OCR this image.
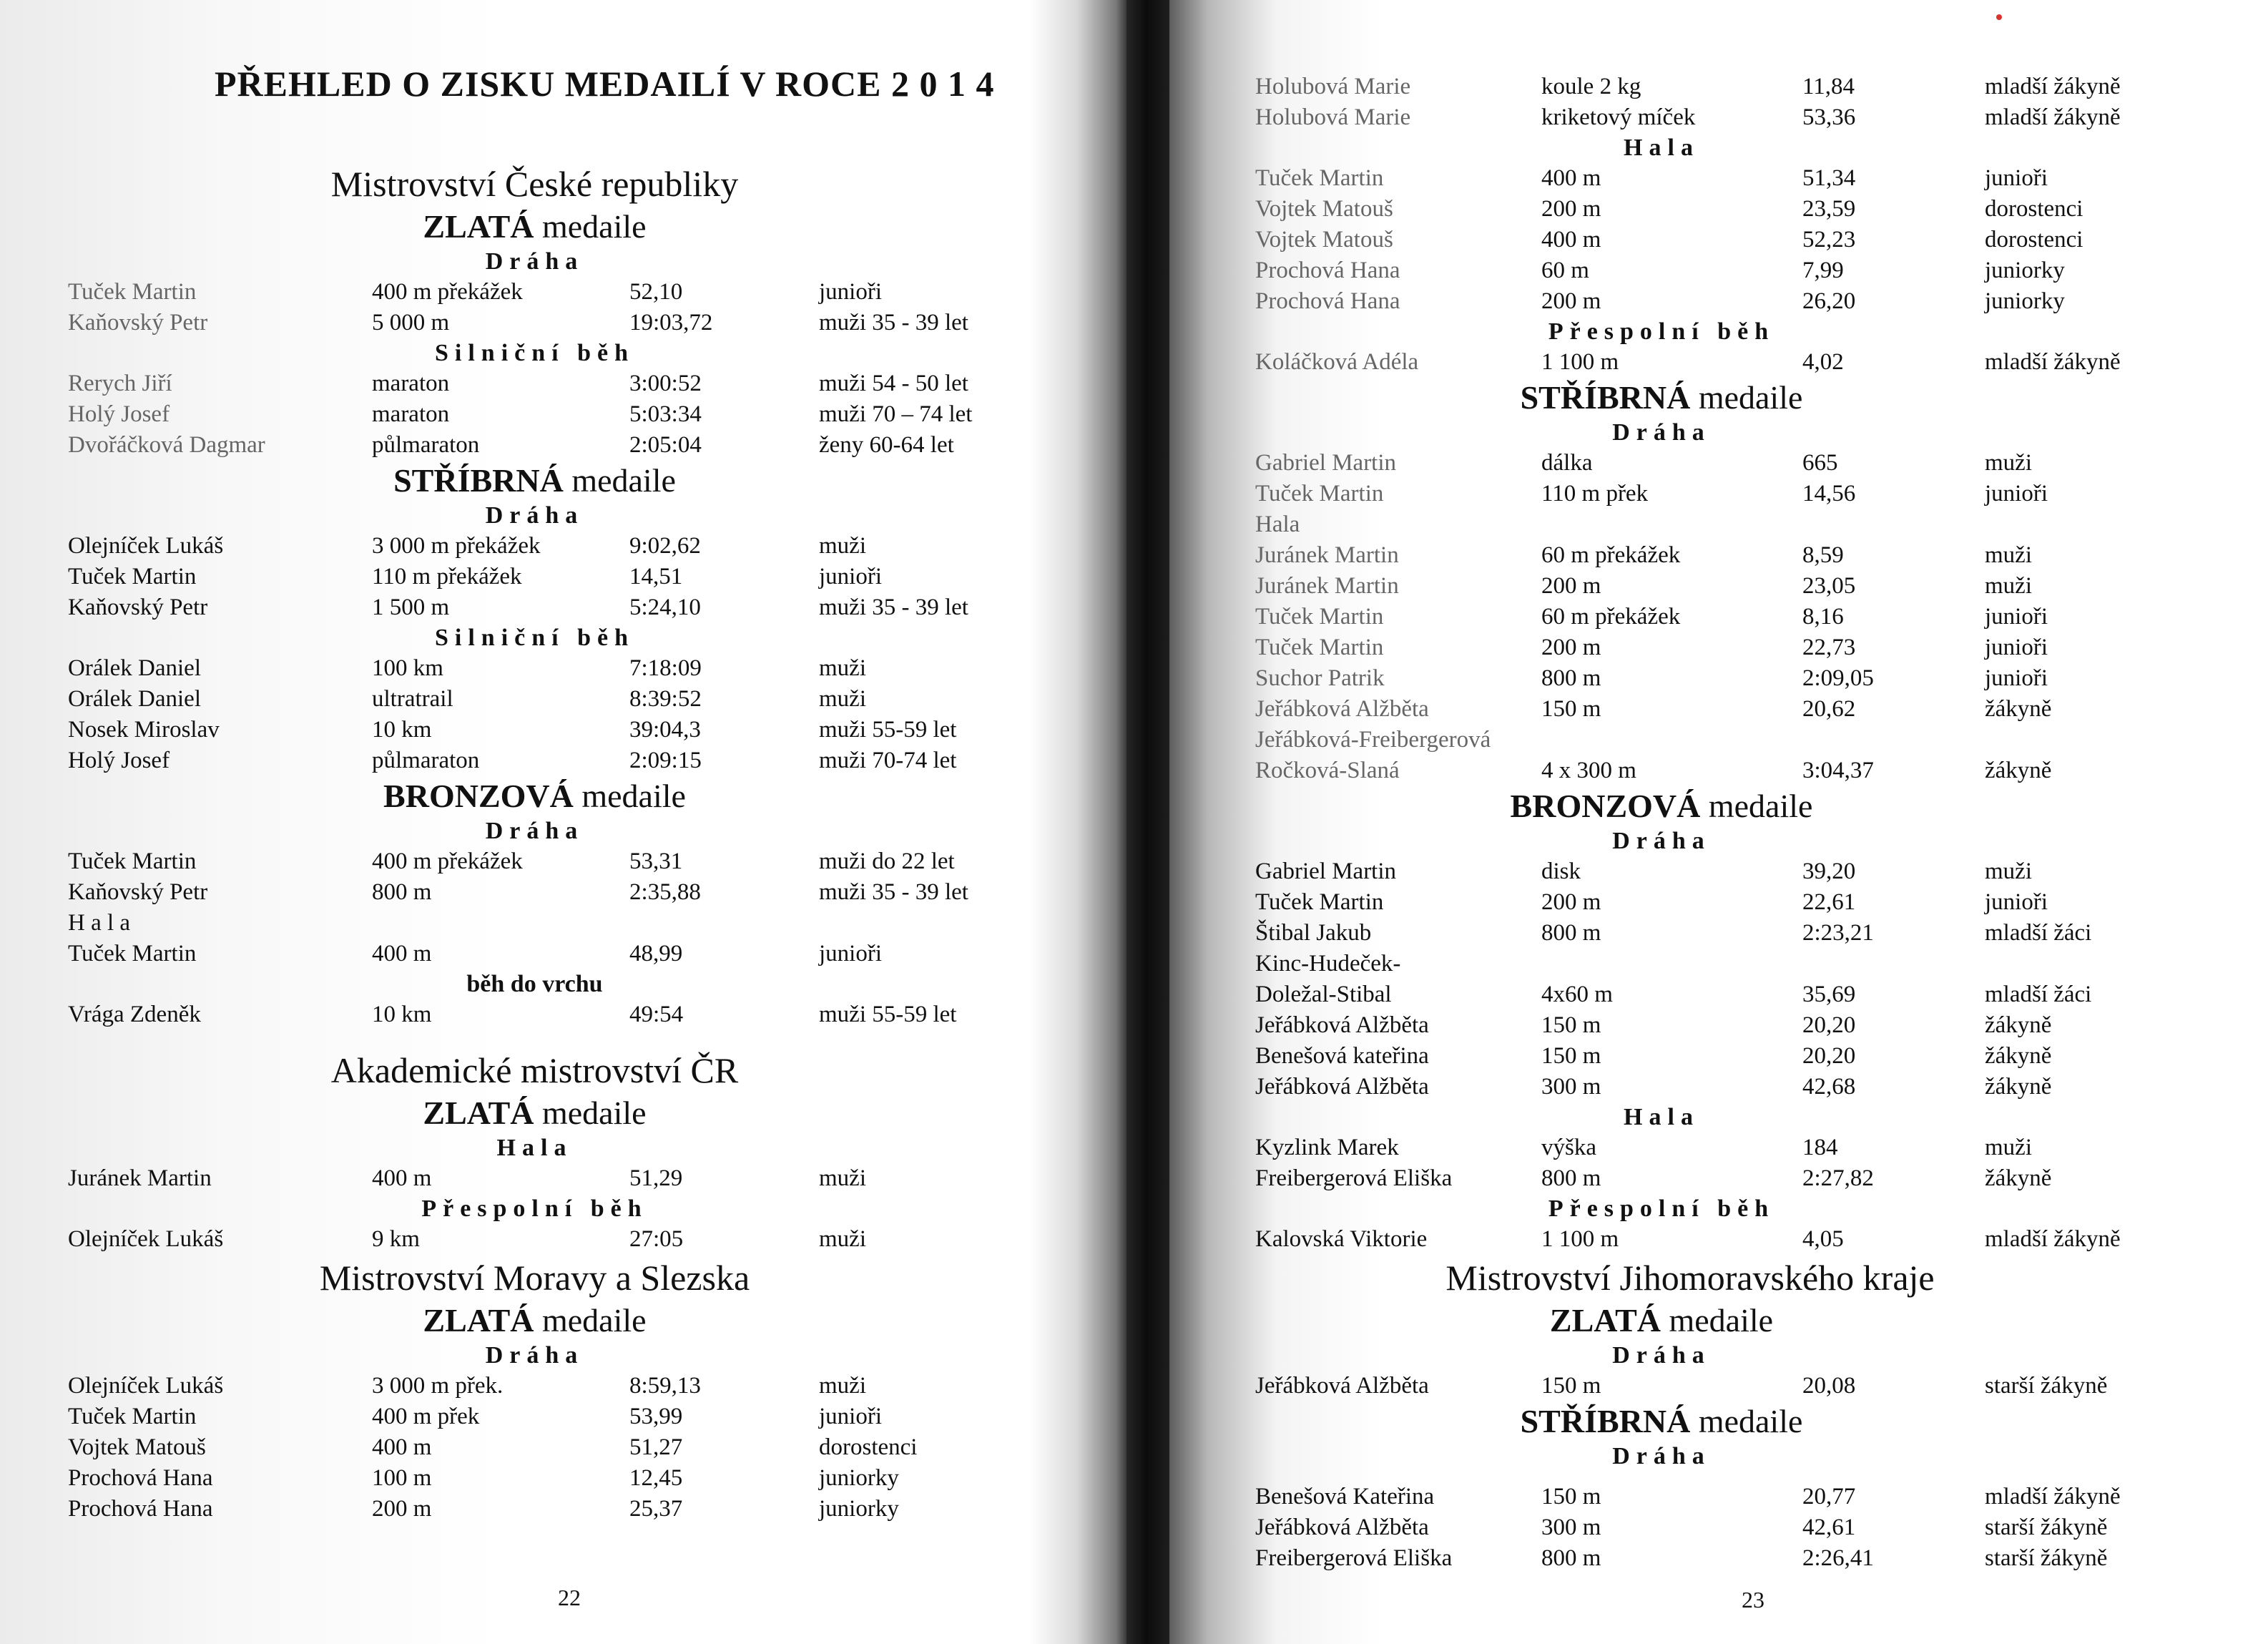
PŘEHLED O ZISKU MEDAILÍ V ROCE 2 0 1 4
Mistrovství České republiky
ZLATÁ medaile
Dráha
Tuček Martin	400 m překážek	52,10	junioři
Kaňovský Petr	5 000 m	19:03,72	muži 35 - 39 let
Silniční běh
Rerych Jiří	maraton	3:00:52	muži 54 - 50 let
Holý Josef	maraton	5:03:34	muži 70 – 74 let
Dvořáčková Dagmar	půlmaraton	2:05:04	ženy 60-64 let
STŘÍBRNÁ medaile
Dráha
Olejníček Lukáš	3 000 m překážek	9:02,62	muži
Tuček Martin	110 m překážek	14,51	junioři
Kaňovský Petr	1 500 m	5:24,10	muži 35 - 39 let
Silniční běh
Orálek Daniel	100 km	7:18:09	muži
Orálek Daniel	ultratrail	8:39:52	muži
Nosek Miroslav	10 km	39:04,3	muži 55-59 let
Holý Josef	půlmaraton	2:09:15	muži 70-74 let
BRONZOVÁ medaile
Dráha
Tuček Martin	400 m překážek	53,31	muži do 22 let
Kaňovský Petr	800 m	2:35,88	muži 35 - 39 let
H a l a
Tuček Martin	400 m	48,99	junioři
běh do vrchu
Vrága Zdeněk	10 km	49:54	muži 55-59 let
Akademické mistrovství ČR
ZLATÁ medaile
Hala
Juránek Martin	400 m	51,29	muži
Přespolní běh
Olejníček Lukáš	9 km	27:05	muži
Mistrovství Moravy a Slezska
ZLATÁ medaile
Dráha
Olejníček Lukáš	3 000 m přek.	8:59,13	muži
Tuček Martin	400 m přek	53,99	junioři
Vojtek Matouš	400 m	51,27	dorostenci
Prochová Hana	100 m	12,45	juniorky
Prochová Hana	200 m	25,37	juniorky
22
Holubová Marie	koule 2 kg	11,84	mladší žákyně
Holubová Marie	kriketový míček	53,36	mladší žákyně
Hala
Tuček Martin	400 m	51,34	junioři
Vojtek Matouš	200 m	23,59	dorostenci
Vojtek Matouš	400 m	52,23	dorostenci
Prochová Hana	60 m	7,99	juniorky
Prochová Hana	200 m	26,20	juniorky
Přespolní běh
Koláčková Adéla	1 100 m	4,02	mladší žákyně
STŘÍBRNÁ medaile
Dráha
Gabriel Martin	dálka	665	muži
Tuček Martin	110 m přek	14,56	junioři
Hala
Juránek Martin	60 m překážek	8,59	muži
Juránek Martin	200 m	23,05	muži
Tuček Martin	60 m překážek	8,16	junioři
Tuček Martin	200 m	22,73	junioři
Suchor Patrik	800 m	2:09,05	junioři
Jeřábková Alžběta	150 m	20,62	žákyně
Jeřábková-Freibergerová
Ročková-Slaná	4 x 300 m	3:04,37	žákyně
BRONZOVÁ medaile
Dráha
Gabriel Martin	disk	39,20	muži
Tuček Martin	200 m	22,61	junioři
Štibal Jakub	800 m	2:23,21	mladší žáci
Kinc-Hudeček-
Doležal-Stibal	4x60 m	35,69	mladší žáci
Jeřábková Alžběta	150 m	20,20	žákyně
Benešová kateřina	150 m	20,20	žákyně
Jeřábková Alžběta	300 m	42,68	žákyně
Hala
Kyzlink Marek	výška	184	muži
Freibergerová Eliška	800 m	2:27,82	žákyně
Přespolní běh
Kalovská Viktorie	1 100 m	4,05	mladší žákyně
Mistrovství Jihomoravského kraje
ZLATÁ medaile
Dráha
Jeřábková Alžběta	150 m	20,08	starší žákyně
STŘÍBRNÁ medaile
Dráha
Benešová Kateřina	150 m	20,77	mladší žákyně
Jeřábková Alžběta	300 m	42,61	starší žákyně
Freibergerová Eliška	800 m	2:26,41	starší žákyně
23
